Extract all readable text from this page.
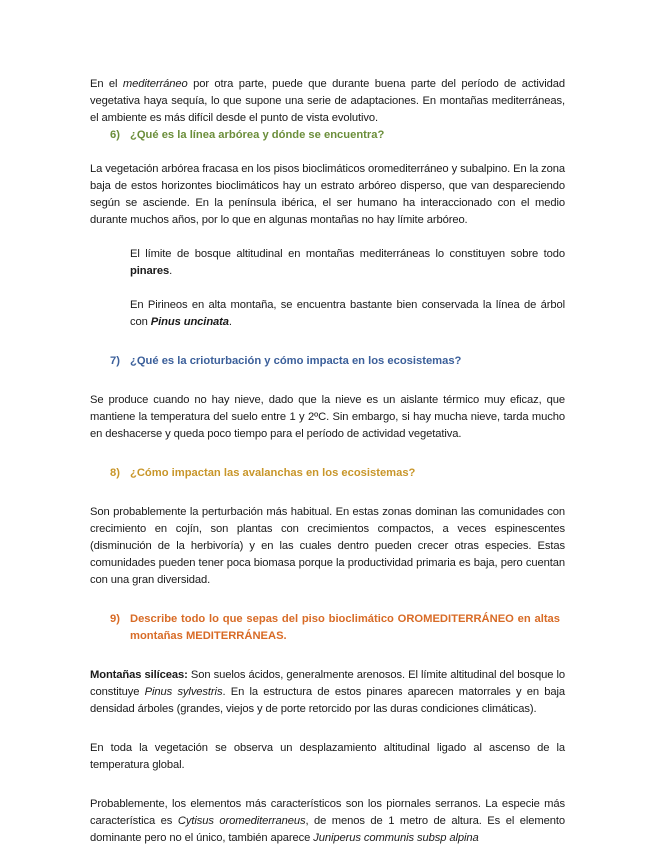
En el mediterráneo por otra parte, puede que durante buena parte del período de actividad vegetativa haya sequía, lo que supone una serie de adaptaciones. En montañas mediterráneas, el ambiente es más difícil desde el punto de vista evolutivo.

6) ¿Qué es la línea arbórea y dónde se encuentra?

La vegetación arbórea fracasa en los pisos bioclimáticos oromediterráneo y subalpino. En la zona baja de estos horizontes bioclimáticos hay un estrato arbóreo disperso, que van despareciendo según se asciende. En la península ibérica, el ser humano ha interaccionado con el medio durante muchos años, por lo que en algunas montañas no hay límite arbóreo.

El límite de bosque altitudinal en montañas mediterráneas lo constituyen sobre todo pinares.

En Pirineos en alta montaña, se encuentra bastante bien conservada la línea de árbol con Pinus uncinata.

7) ¿Qué es la crioturbación y cómo impacta en los ecosistemas?

Se produce cuando no hay nieve, dado que la nieve es un aislante térmico muy eficaz, que mantiene la temperatura del suelo entre 1 y 2ºC. Sin embargo, si hay mucha nieve, tarda mucho en deshacerse y queda poco tiempo para el período de actividad vegetativa.

8) ¿Cómo impactan las avalanchas en los ecosistemas?

Son probablemente la perturbación más habitual. En estas zonas dominan las comunidades con crecimiento en cojín, son plantas con crecimientos compactos, a veces espinescentes (disminución de la herbivoría) y en las cuales dentro pueden crecer otras especies. Estas comunidades pueden tener poca biomasa porque la productividad primaria es baja, pero cuentan con una gran diversidad.

9) Describe todo lo que sepas del piso bioclimático OROMEDITERRÁNEO en altas montañas MEDITERRÁNEAS.

Montañas silíceas: Son suelos ácidos, generalmente arenosos. El límite altitudinal del bosque lo constituye Pinus sylvestris. En la estructura de estos pinares aparecen matorrales y en baja densidad árboles (grandes, viejos y de porte retorcido por las duras condiciones climáticas).

En toda la vegetación se observa un desplazamiento altitudinal ligado al ascenso de la temperatura global.

Probablemente, los elementos más característicos son los piornales serranos. La especie más característica es Cytisus oromediterraneus, de menos de 1 metro de altura. Es el elemento dominante pero no el único, también aparece Juniperus communis subsp alpina
